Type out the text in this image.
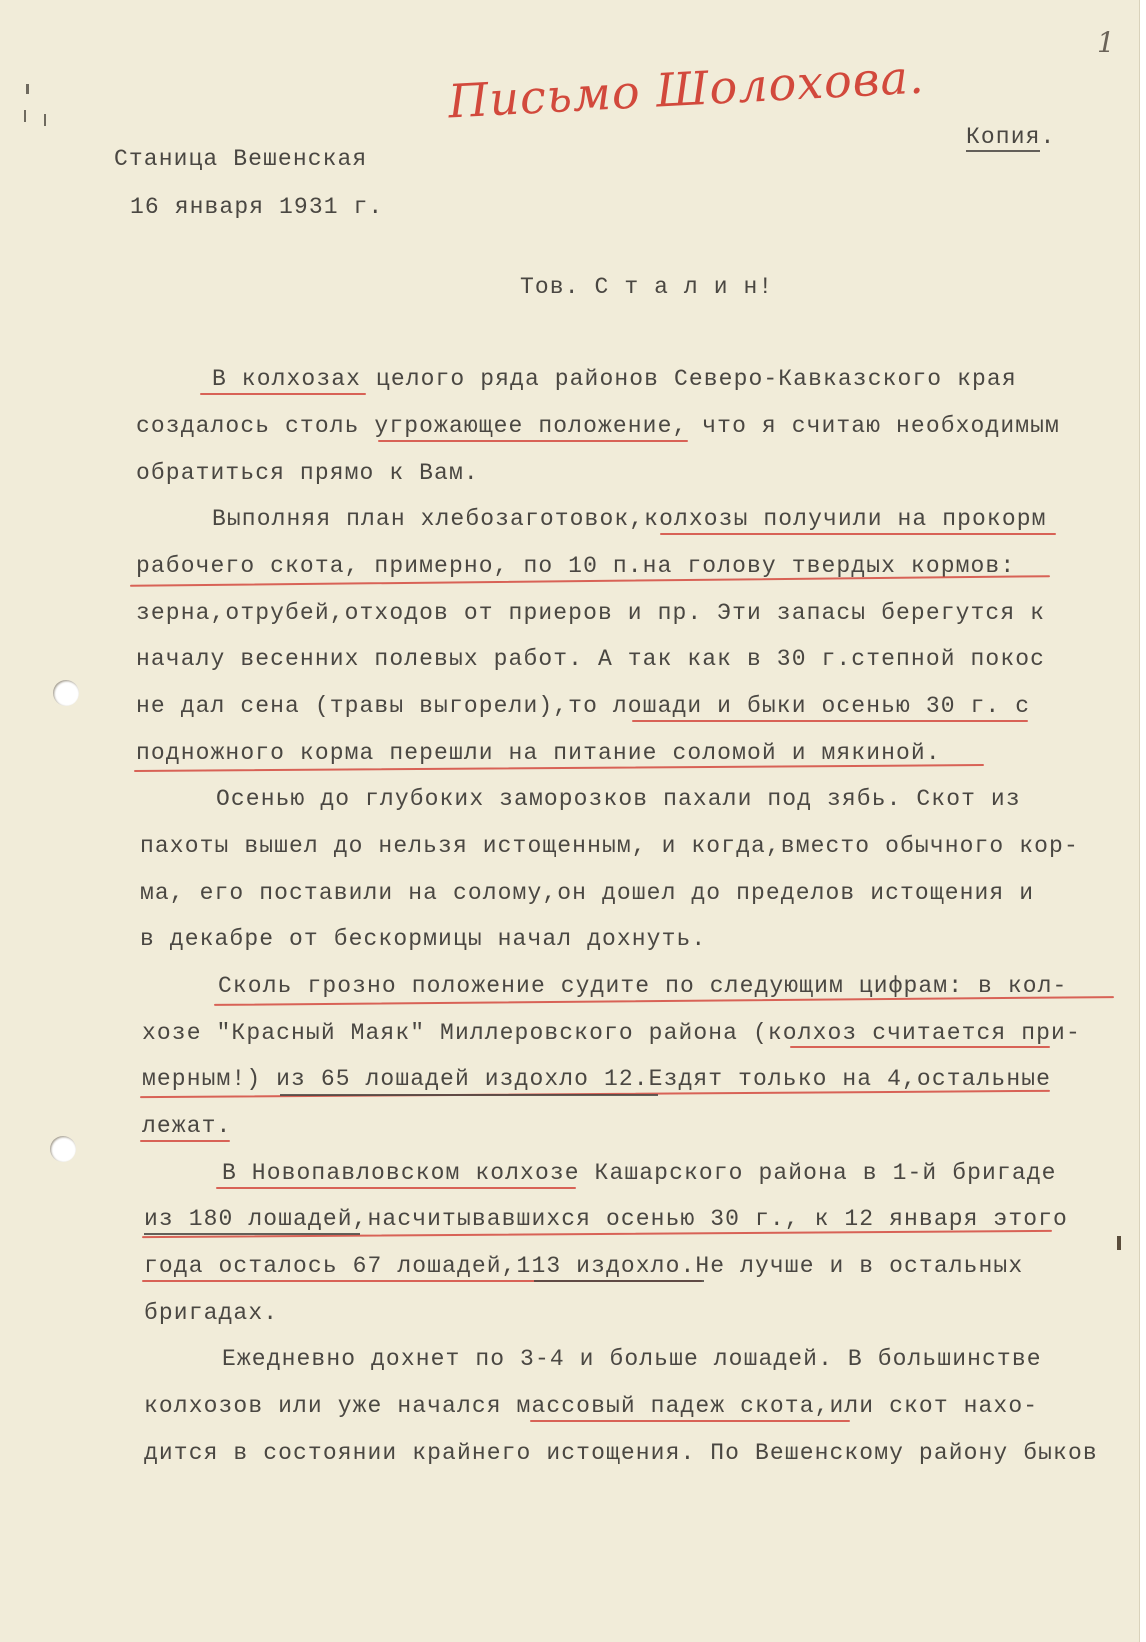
1
Письмо Шолохова.
Копия.
Станица Вешенская
16 января 1931 г.
Тов. С т а л и н!
В колхозах целого ряда районов Северо-Кавказского края
создалось столь угрожающее положение, что я считаю необходимым
обратиться прямо к Вам.
Выполняя план хлебозаготовок,колхозы получили на прокорм
рабочего скота, примерно, по 10 п.на голову твердых кормов:
зерна,отрубей,отходов от приеров и пр. Эти запасы берегутся к
началу весенних полевых работ. А так как в 30 г.степной покос
не дал сена (травы выгорели),то лошади и быки осенью 30 г. с
подножного корма перешли на питание соломой и мякиной.
Осенью до глубоких заморозков пахали под зябь. Скот из
пахоты вышел до нельзя истощенным, и когда,вместо обычного кор-
ма, его поставили на солому,он дошел до пределов истощения и
в декабре от бескормицы начал дохнуть.
Сколь грозно положение судите по следующим цифрам: в кол-
хозе "Красный Маяк" Миллеровского района (колхоз считается при-
мерным!) из 65 лошадей издохло 12.Ездят только на 4,остальные
лежат.
В Новопавловском колхозе Кашарского района в 1-й бригаде
из 180 лошадей,насчитывавшихся осенью 30 г., к 12 января этого
года осталось 67 лошадей,113 издохло.Не лучше и в остальных
бригадах.
Ежедневно дохнет по 3-4 и больше лошадей. В большинстве
колхозов или уже начался массовый падеж скота,или скот нахо-
дится в состоянии крайнего истощения. По Вешенскому району быков
